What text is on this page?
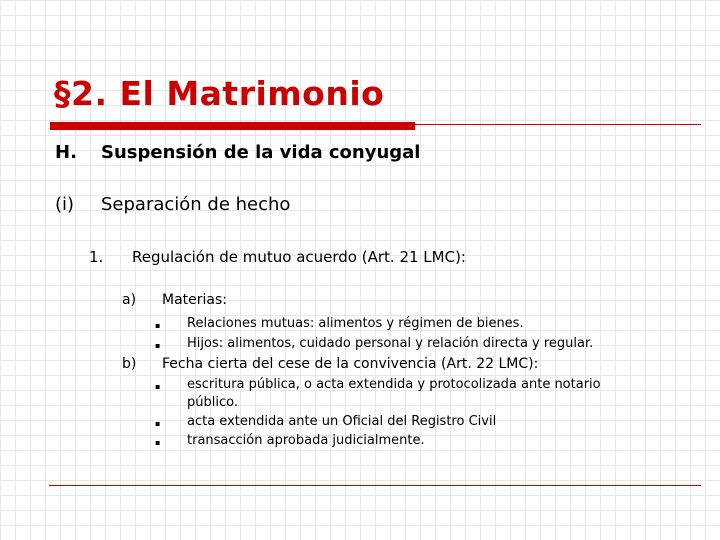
§2. El Matrimonio
H. Suspensión de la vida conyugal
(i) Separación de hecho
1. Regulación de mutuo acuerdo (Art. 21 LMC):
a) Materias:
▪ Relaciones mutuas: alimentos y régimen de bienes.
▪ Hijos: alimentos, cuidado personal y relación directa y regular.
b) Fecha cierta del cese de la convivencia (Art. 22 LMC):
▪ escritura pública, o acta extendida y protocolizada ante notario
público.
▪ acta extendida ante un Oficial del Registro Civil
▪ transacción aprobada judicialmente.
